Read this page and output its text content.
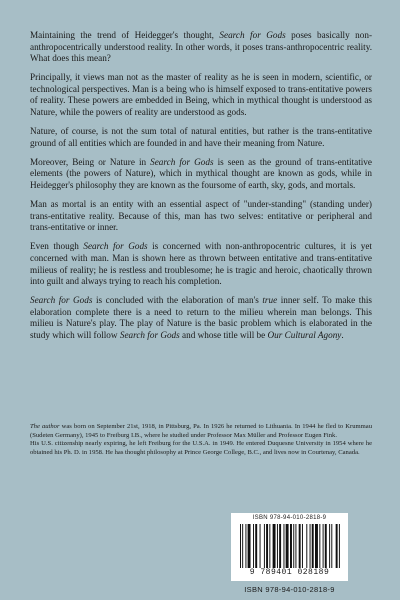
Maintaining the trend of Heidegger's thought, Search for Gods poses basically non-anthropocentrically understood reality. In other words, it poses trans-anthropocentric reality. What does this mean?

Principally, it views man not as the master of reality as he is seen in modern, scientific, or technological perspectives. Man is a being who is himself exposed to trans-entitative powers of reality. These powers are embedded in Being, which in mythical thought is understood as Nature, while the powers of reality are understood as gods.

Nature, of course, is not the sum total of natural entities, but rather is the trans-entitative ground of all entities which are founded in and have their meaning from Nature.

Moreover, Being or Nature in Search for Gods is seen as the ground of trans-entitative elements (the powers of Nature), which in mythical thought are known as gods, while in Heidegger's philosophy they are known as the foursome of earth, sky, gods, and mortals.

Man as mortal is an entity with an essential aspect of "under-standing" (standing under) trans-entitative reality. Because of this, man has two selves: entitative or peripheral and trans-entitative or inner.

Even though Search for Gods is concerned with non-anthropocentric cultures, it is yet concerned with man. Man is shown here as thrown between entitative and trans-entitative milieus of reality; he is restless and troublesome; he is tragic and heroic, chaotically thrown into guilt and always trying to reach his completion.

Search for Gods is concluded with the elaboration of man's true inner self. To make this elaboration complete there is a need to return to the milieu wherein man belongs. This milieu is Nature's play. The play of Nature is the basic problem which is elaborated in the study which will follow Search for Gods and whose title will be Our Cultural Agony.

The author was born on September 21st, 1918, in Pittsburg, Pa. In 1926 he returned to Lithuania. In 1944 he fled to Krummau (Sudeten Germany), 1945 to Freiburg I.B., where he studied under Professor Max Müller and Professor Eugen Fink.

His U.S. citizenship nearly expiring, he left Freiburg for the U.S.A. in 1949. He entered Duquesne University in 1954 where he obtained his Ph. D. in 1958. He has thought philosophy at Prince George College, B.C., and lives now in Courtenay, Canada.

ISBN 978-94-010-2818-9
9 789401 028189
ISBN 978-94-010-2818-9
